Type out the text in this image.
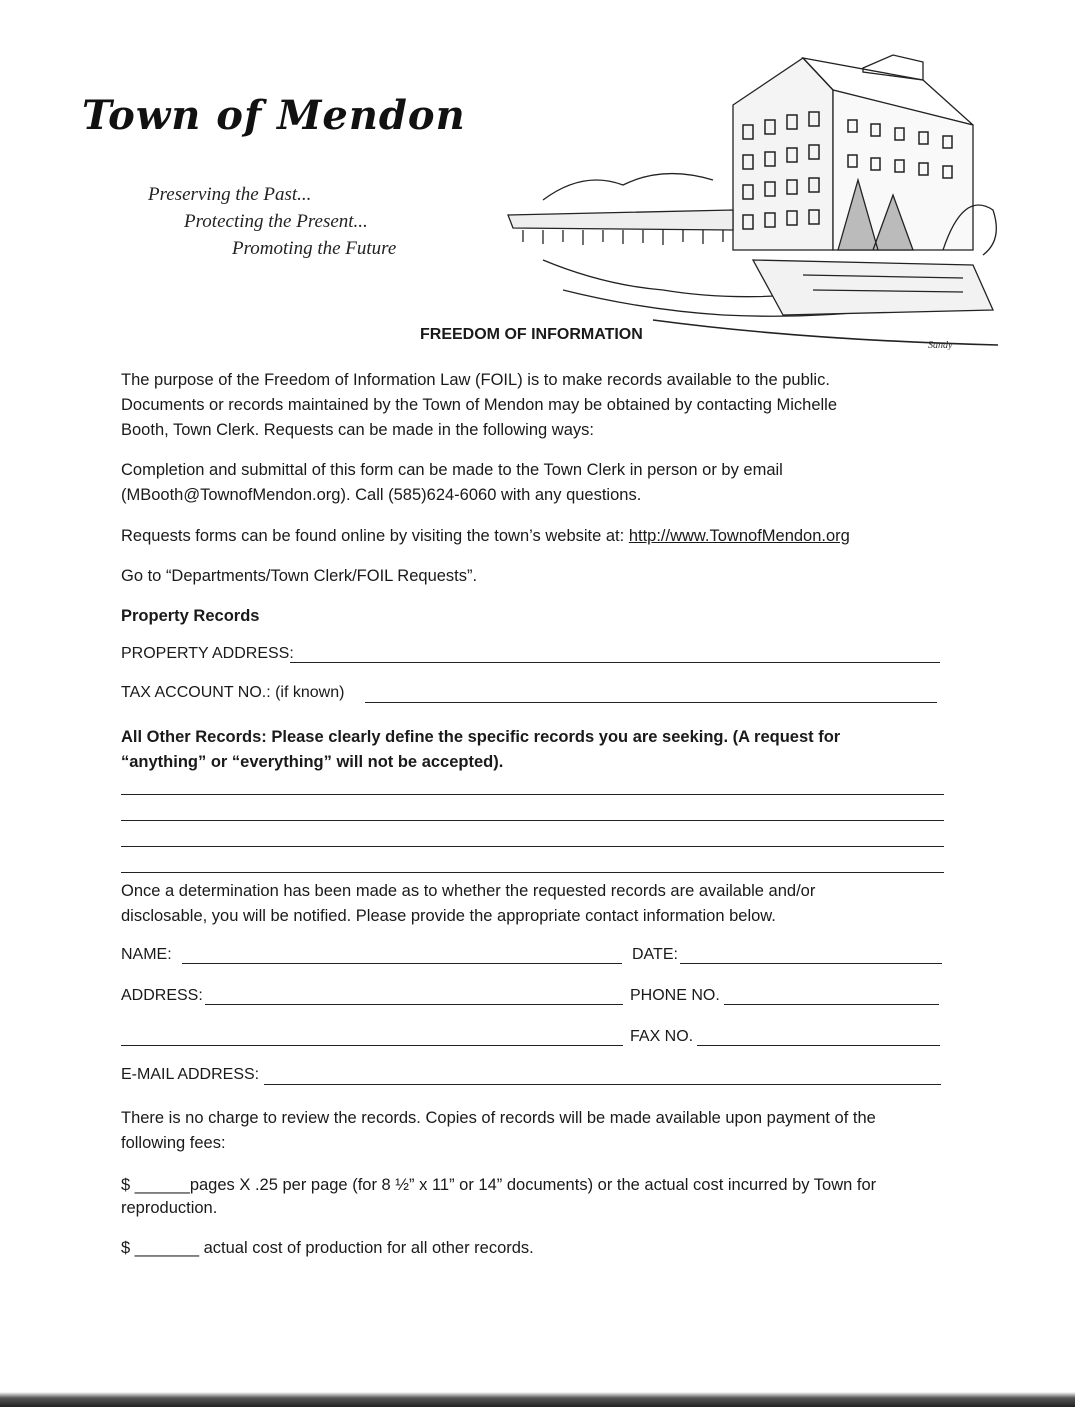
Town of Mendon
Preserving the Past...
Protecting the Present...
Promoting the Future
Sandy
FREEDOM OF INFORMATION
The purpose of the Freedom of Information Law (FOIL) is to make records available to the public.
Documents or records maintained by the Town of Mendon may be obtained by contacting Michelle
Booth, Town Clerk. Requests can be made in the following ways:
Completion and submittal of this form can be made to the Town Clerk in person or by email
(MBooth@TownofMendon.org). Call (585)624-6060 with any questions.
Requests forms can be found online by visiting the town’s website at: http://www.TownofMendon.org
Go to “Departments/Town Clerk/FOIL Requests”.
Property Records
PROPERTY ADDRESS:
TAX ACCOUNT NO.: (if known)
All Other Records: Please clearly define the specific records you are seeking. (A request for
“anything” or “everything” will not be accepted).
Once a determination has been made as to whether the requested records are available and/or
disclosable, you will be notified. Please provide the appropriate contact information below.
NAME:	DATE:
ADDRESS:	PHONE NO.
FAX NO.
E-MAIL ADDRESS:
There is no charge to review the records. Copies of records will be made available upon payment of the
following fees:
$ ______pages X .25 per page (for 8 ½” x 11” or 14” documents) or the actual cost incurred by Town for
reproduction.
$ _______ actual cost of production for all other records.
